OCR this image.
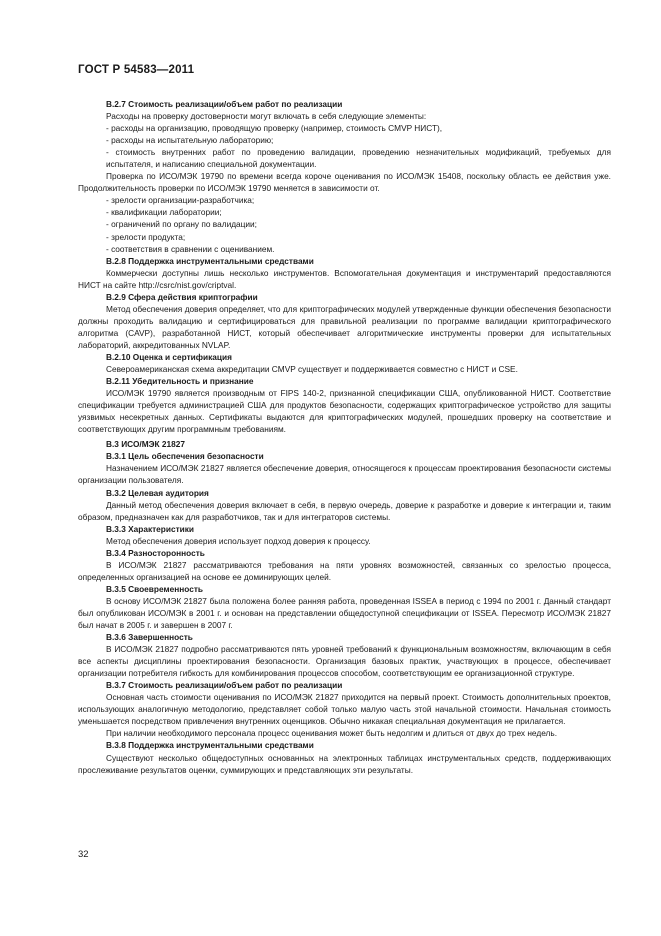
ГОСТ Р 54583—2011

В.2.7 Стоимость реализации/объем работ по реализации

Расходы на проверку достоверности могут включать в себя следующие элементы:

- расходы на организацию, проводящую проверку (например, стоимость CMVP НИСТ),

- расходы на испытательную лабораторию;

- стоимость внутренних работ по проведению валидации, проведению незначительных модификаций, требуемых для испытателя, и написанию специальной документации.

Проверка по ИСО/МЭК 19790 по времени всегда короче оценивания по ИСО/МЭК 15408, поскольку область ее действия уже. Продолжительность проверки по ИСО/МЭК 19790 меняется в зависимости от.

- зрелости организации-разработчика;

- квалификации лаборатории;

- ограничений по органу по валидации;

- зрелости продукта;

- соответствия в сравнении с оцениванием.

В.2.8 Поддержка инструментальными средствами

Коммерчески доступны лишь несколько инструментов. Вспомогательная документация и инструментарий предоставляются НИСТ на сайте http://csrc/nist.gov/criptval.

В.2.9 Сфера действия криптографии

Метод обеспечения доверия определяет, что для криптографических модулей утвержденные функции обеспечения безопасности должны проходить валидацию и сертифицироваться для правильной реализации по программе валидации криптографического алгоритма (CAVP), разработанной НИСТ, который обеспечивает алгоритмические инструменты проверки для испытательных лабораторий, аккредитованных NVLAP.

В.2.10 Оценка и сертификация

Североамериканская схема аккредитации CMVP существует и поддерживается совместно с НИСТ и CSE.

В.2.11 Убедительность и признание

ИСО/МЭК 19790 является производным от FIPS 140-2, признанной спецификации США, опубликованной НИСТ. Соответствие спецификации требуется администрацией США для продуктов безопасности, содержащих криптографическое устройство для защиты уязвимых несекретных данных. Сертификаты выдаются для криптографических модулей, прошедших проверку на соответствие и соответствующих другим программным требованиям.

В.3 ИСО/МЭК 21827

В.3.1 Цель обеспечения безопасности

Назначением ИСО/МЭК 21827 является обеспечение доверия, относящегося к процессам проектирования безопасности системы организации пользователя.

В.3.2 Целевая аудитория

Данный метод обеспечения доверия включает в себя, в первую очередь, доверие к разработке и доверие к интеграции и, таким образом, предназначен как для разработчиков, так и для интеграторов системы.

В.3.3 Характеристики

Метод обеспечения доверия использует подход доверия к процессу.

В.3.4 Разносторонность

В ИСО/МЭК 21827 рассматриваются требования на пяти уровнях возможностей, связанных со зрелостью процесса, определенных организацией на основе ее доминирующих целей.

В.3.5 Своевременность

В основу ИСО/МЭК 21827 была положена более ранняя работа, проведенная ISSEA в период с 1994 по 2001 г. Данный стандарт был опубликован ИСО/МЭК в 2001 г. и основан на представлении общедоступной спецификации от ISSEA. Пересмотр ИСО/МЭК 21827 был начат в 2005 г. и завершен в 2007 г.

В.3.6 Завершенность

В ИСО/МЭК 21827 подробно рассматриваются пять уровней требований к функциональным возможностям, включающим в себя все аспекты дисциплины проектирования безопасности. Организация базовых практик, участвующих в процессе, обеспечивает организации потребителя гибкость для комбинирования процессов способом, соответствующим ее организационной структуре.

В.3.7 Стоимость реализации/объем работ по реализации

Основная часть стоимости оценивания по ИСО/МЭК 21827 приходится на первый проект. Стоимость дополнительных проектов, использующих аналогичную методологию, представляет собой только малую часть этой начальной стоимости. Начальная стоимость уменьшается посредством привлечения внутренних оценщиков. Обычно никакая специальная документация не прилагается.

При наличии необходимого персонала процесс оценивания может быть недолгим и длиться от двух до трех недель.

В.3.8 Поддержка инструментальными средствами

Существуют несколько общедоступных основанных на электронных таблицах инструментальных средств, поддерживающих прослеживание результатов оценки, суммирующих и представляющих эти результаты.

32
